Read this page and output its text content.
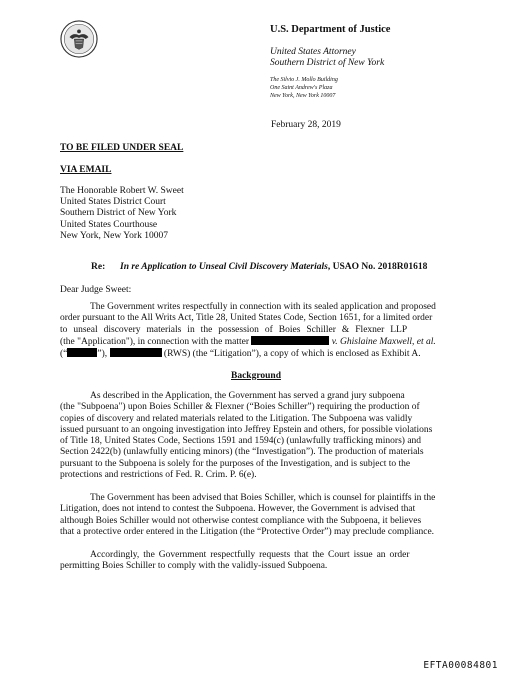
U.S. Department of Justice
United States Attorney
Southern District of New York
The Silvio J. Mollo Building
One Saint Andrew's Plaza
New York, New York 10007
February 28, 2019
TO BE FILED UNDER SEAL
VIA EMAIL
The Honorable Robert W. Sweet
United States District Court
Southern District of New York
United States Courthouse
New York, New York 10007
Re: In re Application to Unseal Civil Discovery Materials, USAO No. 2018R01618
Dear Judge Sweet:
The Government writes respectfully in connection with its sealed application and proposed
order pursuant to the All Writs Act, Title 28, United States Code, Section 1651, for a limited order
to unseal discovery materials in the possession of Boies Schiller & Flexner LLP
(the "Application"), in connection with the matter	v. Ghislaine Maxwell, et al.
(“	”),	(RWS) (the “Litigation”), a copy of which is enclosed as Exhibit A.
Background
As described in the Application, the Government has served a grand jury subpoena
(the "Subpoena") upon Boies Schiller & Flexner (“Boies Schiller”) requiring the production of
copies of discovery and related materials related to the Litigation. The Subpoena was validly
issued pursuant to an ongoing investigation into Jeffrey Epstein and others, for possible violations
of Title 18, United States Code, Sections 1591 and 1594(c) (unlawfully trafficking minors) and
Section 2422(b) (unlawfully enticing minors) (the “Investigation”). The production of materials
pursuant to the Subpoena is solely for the purposes of the Investigation, and is subject to the
protections and restrictions of Fed. R. Crim. P. 6(e).
The Government has been advised that Boies Schiller, which is counsel for plaintiffs in the
Litigation, does not intend to contest the Subpoena. However, the Government is advised that
although Boies Schiller would not otherwise contest compliance with the Subpoena, it believes
that a protective order entered in the Litigation (the “Protective Order”) may preclude compliance.
Accordingly, the Government respectfully requests that the Court issue an order
permitting Boies Schiller to comply with the validly-issued Subpoena.
EFTA00084801
